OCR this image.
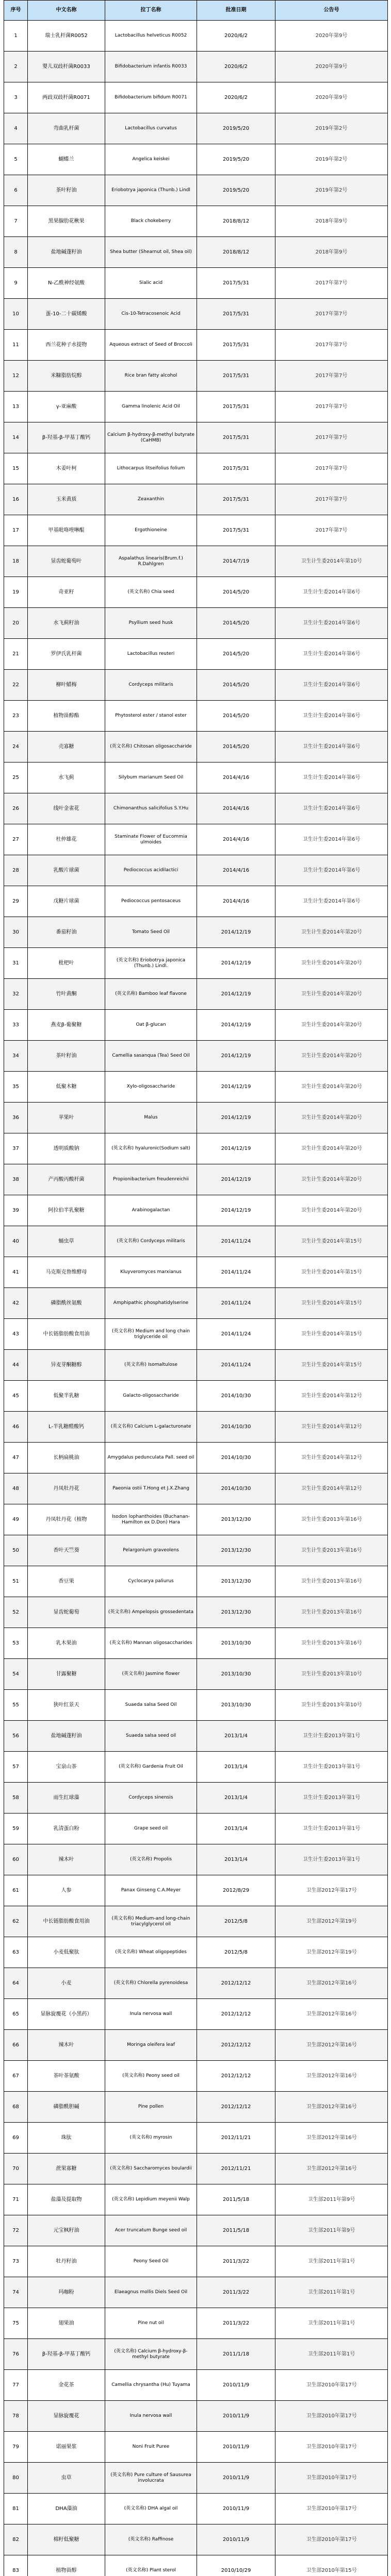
序号	中文名称	拉丁名称	批准日期	公告号
1	瑞士乳杆菌R0052	Lactobacillus helveticus R0052	2020/6/2	2020年第9号
2	婴儿双歧杆菌R0033	Bifidobacterium infantis R0033	2020/6/2	2020年第9号
3	两歧双歧杆菌R0071	Bifidobacterium bifidum R0071	2020/6/2	2020年第9号
4	弯曲乳杆菌	Lactobacillus curvatus	2019/5/20	2019年第2号
5	蝴蝶兰	Angelica keiskei	2019/5/20	2019年第2号
6	茶叶籽油	Eriobotrya japonica (Thunb.) Lindl	2019/5/20	2019年第2号
7	黑果腺肋花楸果	Black chokeberry	2018/8/12	2018年第9号
8	盐地碱蓬籽油	Shea butter (Shearnut oil, Shea oil)	2018/8/12	2018年第9号
9	N-乙酰神经氨酸	Sialic acid	2017/5/31	2017年第7号
10	蛋-10-二十碳烯酸	Cis-10-Tetracosenoic Acid	2017/5/31	2017年第7号
11	西兰花种子水提物	Aqueous extract of Seed of Broccoli	2017/5/31	2017年第7号
12	米糠脂肪烷醇	Rice bran fatty alcohol	2017/5/31	2017年第7号
13	γ-亚麻酸	Gamma linolenic Acid Oil	2017/5/31	2017年第7号
14	β-羟基-β-甲基丁酸钙	Calcium β-hydroxy-β-methyl butyrate (CaHMB)	2017/5/31	2017年第7号
15	木姜叶柯	Lithocarpus litseifolius folium	2017/5/31	2017年第7号
16	玉米黄质	Zeaxanthin	2017/5/31	2017年第7号
17	甲基吡咯喹啉醌	Ergothioneine	2017/5/31	2017年第7号
18	显齿蛇葡萄叶	Aspalathus linearis(Brum.f.) R.Dahlgren	2014/7/19	卫生计生委2014年第10号
19	奇亚籽	(英文名称) Chia seed	2014/5/20	卫生计生委2014年第6号
20	水飞蓟籽油	Psyllium seed husk	2014/5/20	卫生计生委2014年第6号
21	罗伊氏乳杆菌	Lactobacillus reuteri	2014/5/20	卫生计生委2014年第6号
22	柳叶蜡梅	Cordyceps militaris	2014/5/20	卫生计生委2014年第6号
23	植物甾醇酯	Phytosterol ester / stanol ester	2014/5/20	卫生计生委2014年第6号
24	壳寡糖	(英文名称) Chitosan oligosaccharide	2014/5/20	卫生计生委2014年第6号
25	水飞蓟	Silybum marianum Seed Oil	2014/4/16	卫生计生委2014年第6号
26	线叶金雀花	Chimonanthus salicifolius S.Y.Hu	2014/4/16	卫生计生委2014年第6号
27	杜仲雄花	Staminate Flower of Eucommia ulmoides	2014/4/16	卫生计生委2014年第6号
28	乳酸片球菌	Pediococcus acidilactici	2014/4/16	卫生计生委2014年第6号
29	戊糖片球菌	Pediococcus pentosaceus	2014/4/16	卫生计生委2014年第6号
30	番茄籽油	Tomato Seed Oil	2014/12/19	卫生计生委2014年第20号
31	枇杷叶	(英文名称) Eriobotrya japonica (Thunb.) Lindl.	2014/12/19	卫生计生委2014年第20号
32	竹叶黄酮	(英文名称) Bamboo leaf flavone	2014/12/19	卫生计生委2014年第20号
33	燕麦β-葡聚糖	Oat β-glucan	2014/12/19	卫生计生委2014年第20号
34	茶叶籽油	Camellia sasanqua (Tea) Seed Oil	2014/12/19	卫生计生委2014年第20号
35	低聚木糖	Xylo-oligosaccharide	2014/12/19	卫生计生委2014年第20号
36	苹果叶	Malus	2014/12/19	卫生计生委2014年第20号
37	透明质酸钠	(英文名称) hyaluronic(Sodium salt)	2014/12/19	卫生计生委2014年第20号
38	产丙酸丙酸杆菌	Propionibacterium freudenreichii	2014/12/19	卫生计生委2014年第20号
39	阿拉伯半乳聚糖	Arabinogalactan	2014/12/19	卫生计生委2014年第20号
40	蛹虫草	(英文名称) Cordyceps militaris	2014/11/24	卫生计生委2014年第15号
41	马克斯克鲁维酵母	Kluyveromyces marxianus	2014/11/24	卫生计生委2014年第15号
42	磷脂酰丝氨酸	Amphipathic phosphatidylserine	2014/11/24	卫生计生委2014年第15号
43	中长链脂肪酸食用油	(英文名称) Medium and long chain triglyceride oil	2014/11/24	卫生计生委2014年第15号
44	异麦芽酮糖醇	(英文名称) Isomaltulose	2014/11/24	卫生计生委2014年第15号
45	低聚半乳糖	Galacto-oligosaccharide	2014/10/30	卫生计生委2014年第12号
46	L-半乳糖醛酸钙	(英文名称) Calcium L-galacturonate	2014/10/30	卫生计生委2014年第12号
47	长柄扁桃油	Amygdalus pedunculata Pall. seed oil	2014/10/30	卫生计生委2014年第12号
48	丹凤牡丹花	Paeonia ostii T.Hong et J.X.Zhang	2014/10/30	卫生计生委2014年第12号
49	丹凤牡丹花（植物	Isodon lophanthoides (Buchanan-Hamilton ex D.Don) Hara	2013/12/30	卫生计生委2013年第16号
50	香叶天竺葵	Pelargonium graveolens	2013/12/30	卫生计生委2013年第16号
51	香豆果	Cyclocarya paliurus	2013/12/30	卫生计生委2013年第16号
52	显齿蛇葡萄	(英文名称) Ampelopsis grossedentata	2013/12/30	卫生计生委2013年第16号
53	乳木果油	(英文名称) Mannan oligosaccharides	2013/10/30	卫生计生委2013年第16号
54	甘露聚糖	(英文名称) Jasmine flower	2013/10/30	卫生计生委2013年第10号
55	狭叶红景天	Suaeda salsa Seed Oil	2013/10/30	卫生计生委2013年第10号
56	盐地碱蓬籽油	Suaeda salsa seed oil	2013/1/4	卫生计生委2013年第1号
57	宝泉山茶	(英文名称) Gardenia Fruit Oil	2013/1/4	卫生计生委2013年第1号
58	雨生红球藻	Cordyceps sinensis	2013/1/4	卫生计生委2013年第1号
59	乳清蛋白粉	Grape seed oil	2013/1/4	卫生计生委2013年第1号
60	辣木叶	(英文名称) Propolis	2013/1/4	卫生计生委2013年第1号
61	人参	Panax Ginseng C.A.Meyer	2012/8/29	卫生部2012年第17号
62	中长链脂肪酸食用油	(英文名称) Medium-and long-chain triacylglycerol oil	2012/5/8	卫生部2012年第19号
63	小麦低聚肽	(英文名称) Wheat oligopeptides	2012/5/8	卫生部2012年第19号
64	小麦	(英文名称) Chlorella pyrenoidesa	2012/12/12	卫生部2012年第16号
65	显脉旋覆花（小黑药）	Inula nervosa wall	2012/12/12	卫生部2012年第16号
66	辣木叶	Moringa oleifera leaf	2012/12/12	卫生部2012年第16号
67	茶叶茶氨酸	(英文名称) Peony seed oil	2012/12/12	卫生部2012年第16号
68	磷脂酰胆碱	Pine pollen	2012/12/12	卫生部2012年第16号
69	珠肽	(英文名称) myrosin	2012/11/21	卫生部2012年第16号
70	蔗果寡糖	(英文名称) Saccharomyces boulardii	2012/11/21	卫生部2012年第16号
71	盐藻及提取物	(英文名称) Lepidium meyenii Walp	2011/5/18	卫生部2011年第9号
72	元宝枫籽油	Acer truncatum Bunge seed oil	2011/5/18	卫生部2011年第9号
73	牡丹籽油	Peony Seed Oil	2011/3/22	卫生部2011年第1号
74	玛咖粉	Elaeagnus mollis Diels Seed Oil	2011/3/22	卫生部2011年第1号
75	翅果油	Pine nut oil	2011/3/22	卫生部2011年第1号
76	β-羟基-β-甲基丁酸钙	(英文名称) Calcium β-hydroxy-β-methyl butyrate	2011/1/18	卫生部2011年第1号
77	金花茶	Camellia chrysantha (Hu) Tuyama	2010/11/9	卫生部2010年第17号
78	显脉旋覆花	Inula nervosa wall	2010/11/9	卫生部2010年第17号
79	诺丽果浆	Noni Fruit Puree	2010/11/9	卫生部2010年第17号
80	虫草	(英文名称) Pure culture of Sausurea involucrata	2010/11/9	卫生部2010年第17号
81	DHA藻油	(英文名称) DHA algal oil	2010/11/9	卫生部2010年第17号
82	棉籽低聚糖	(英文名称) Raffinose	2010/11/9	卫生部2010年第17号
83	植物甾醇	(英文名称) Plant sterol	2010/10/29	卫生部2010年第15号
